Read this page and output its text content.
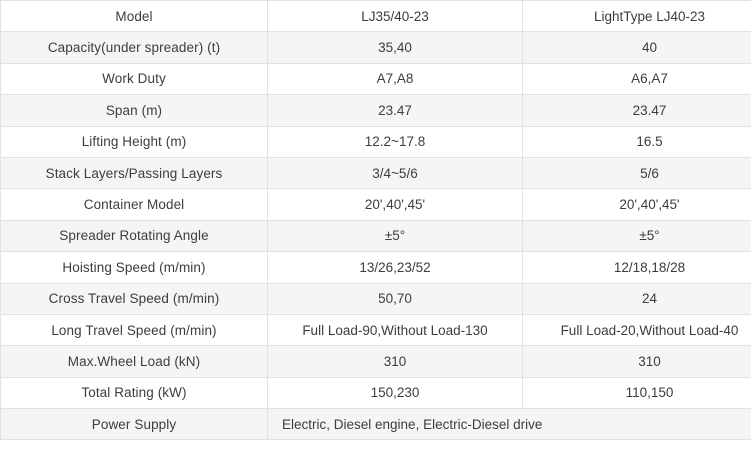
Model	LJ35/40-23	LightType LJ40-23
Capacity(under spreader) (t)	35,40	40
Work Duty	A7,A8	A6,A7
Span (m)	23.47	23.47
Lifting Height (m)	12.2~17.8	16.5
Stack Layers/Passing Layers	3/4~5/6	5/6
Container Model	20',40',45'	20',40',45'
Spreader Rotating Angle	±5°	±5°
Hoisting Speed (m/min)	13/26,23/52	12/18,18/28
Cross Travel Speed (m/min)	50,70	24
Long Travel Speed (m/min)	Full Load-90,Without Load-130	Full Load-20,Without Load-40
Max.Wheel Load (kN)	310	310
Total Rating (kW)	150,230	110,150
Power Supply	Electric, Diesel engine, Electric-Diesel drive	
